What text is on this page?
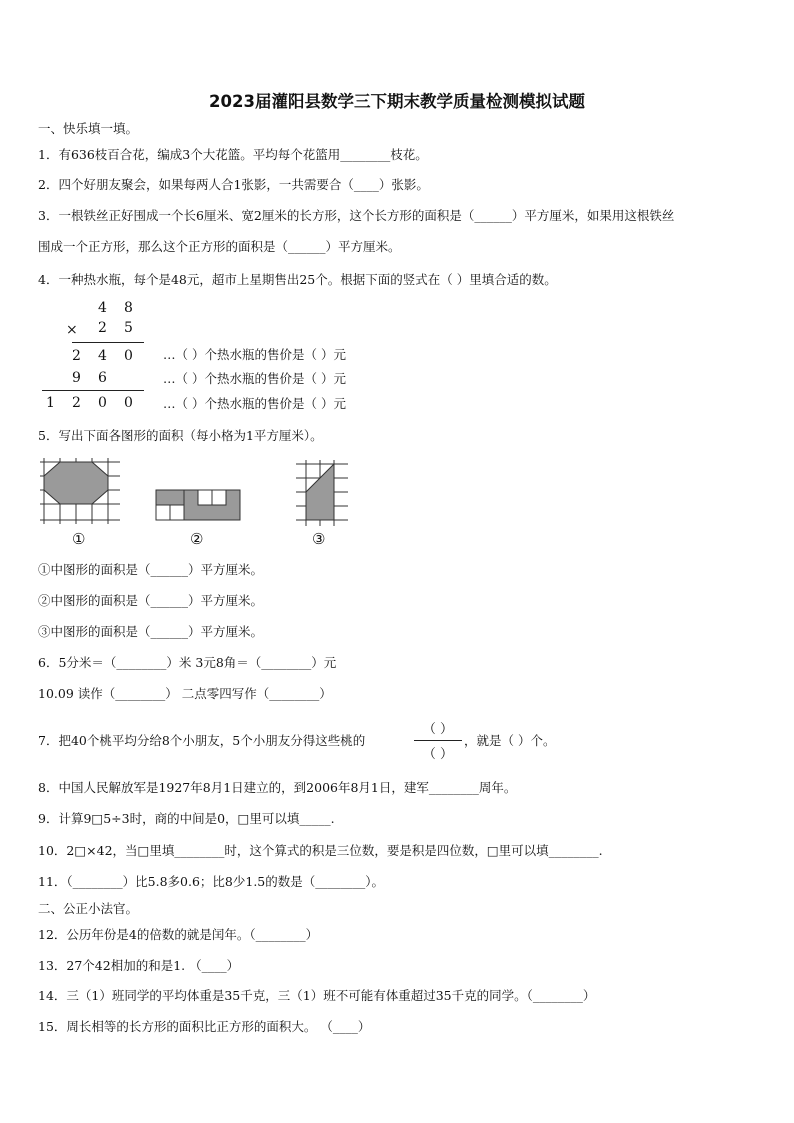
2023届灌阳县数学三下期末教学质量检测模拟试题
一、快乐填一填。
1．有636枝百合花，编成3个大花篮。平均每个花篮用________枝花。
2．四个好朋友聚会，如果每两人合1张影，一共需要合（____）张影。
3．一根铁丝正好围成一个长6厘米、宽2厘米的长方形，这个长方形的面积是（______）平方厘米，如果用这根铁丝
围成一个正方形，那么这个正方形的面积是（______）平方厘米。
4．一种热水瓶，每个是48元，超市上星期售出25个。根据下面的竖式在（ ）里填合适的数。
4 8
× 2 5
2 4 0
9 6
1 2 0 0
…（ ）个热水瓶的售价是（ ）元
…（ ）个热水瓶的售价是（ ）元
…（ ）个热水瓶的售价是（ ）元
5．写出下面各图形的面积（每小格为1平方厘米）。
①	②	③
①中图形的面积是（______）平方厘米。
②中图形的面积是（______）平方厘米。
③中图形的面积是（______）平方厘米。
6．5分米＝（________）米 3元8角＝（________）元
10.09 读作（________） 二点零四写作（________）
7．把40个桃平均分给8个小朋友，5个小朋友分得这些桃的
（ ）
（ ）
，就是（ ）个。
8．中国人民解放军是1927年8月1日建立的，到2006年8月1日，建军________周年。
9．计算9□5÷3时，商的中间是0，□里可以填_____.
10．2□×42，当□里填________时，这个算式的积是三位数，要是积是四位数，□里可以填________.
11．（________）比5.8多0.6；比8少1.5的数是（________）。
二、公正小法官。
12．公历年份是4的倍数的就是闰年。（________）
13．27个42相加的和是1. （____）
14．三（1）班同学的平均体重是35千克，三（1）班不可能有体重超过35千克的同学。（________）
15．周长相等的长方形的面积比正方形的面积大。 （____）
